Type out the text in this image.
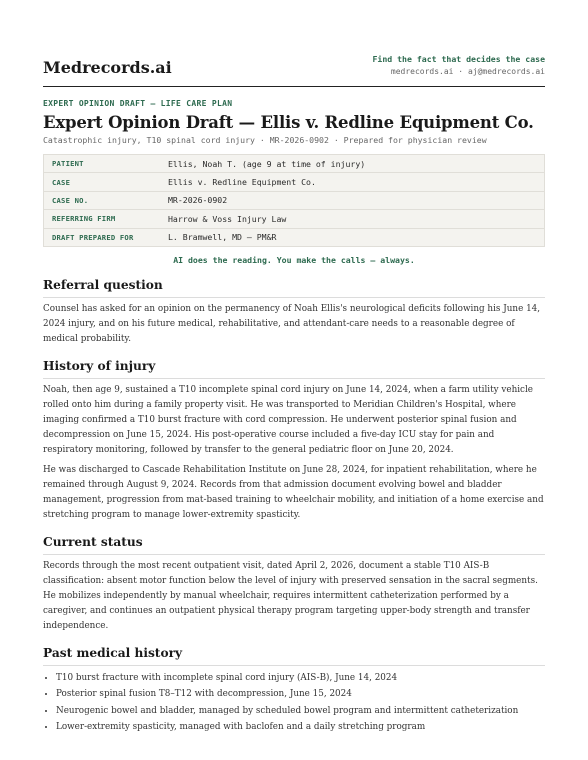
Medrecords.ai	Find the fact that decides the case
medrecords.ai · aj@medrecords.ai
EXPERT OPINION DRAFT — LIFE CARE PLAN
Expert Opinion Draft — Ellis v. Redline Equipment Co.
Catastrophic injury, T10 spinal cord injury · MR-2026-0902 · Prepared for physician review
PATIENT	Ellis, Noah T. (age 9 at time of injury)
CASE	Ellis v. Redline Equipment Co.
CASE NO.	MR-2026-0902
REFERRING FIRM	Harrow & Voss Injury Law
DRAFT PREPARED FOR	L. Bramwell, MD — PM&R
AI does the reading. You make the calls — always.
Referral question

Counsel has asked for an opinion on the permanency of Noah Ellis's neurological deficits following his June 14, 2024 injury, and on his future medical, rehabilitative, and attendant-care needs to a reasonable degree of medical probability.

History of injury

Noah, then age 9, sustained a T10 incomplete spinal cord injury on June 14, 2024, when a farm utility vehicle rolled onto him during a family property visit. He was transported to Meridian Children's Hospital, where imaging confirmed a T10 burst fracture with cord compression. He underwent posterior spinal fusion and decompression on June 15, 2024. His post-operative course included a five-day ICU stay for pain and respiratory monitoring, followed by transfer to the general pediatric floor on June 20, 2024.

He was discharged to Cascade Rehabilitation Institute on June 28, 2024, for inpatient rehabilitation, where he remained through August 9, 2024. Records from that admission document evolving bowel and bladder management, progression from mat-based training to wheelchair mobility, and initiation of a home exercise and stretching program to manage lower-extremity spasticity.

Current status

Records through the most recent outpatient visit, dated April 2, 2026, document a stable T10 AIS-B classification: absent motor function below the level of injury with preserved sensation in the sacral segments. He mobilizes independently by manual wheelchair, requires intermittent catheterization performed by a caregiver, and continues an outpatient physical therapy program targeting upper-body strength and transfer independence.

Past medical history
• T10 burst fracture with incomplete spinal cord injury (AIS-B), June 14, 2024
• Posterior spinal fusion T8–T12 with decompression, June 15, 2024
• Neurogenic bowel and bladder, managed by scheduled bowel program and intermittent catheterization
• Lower-extremity spasticity, managed with baclofen and a daily stretching program
